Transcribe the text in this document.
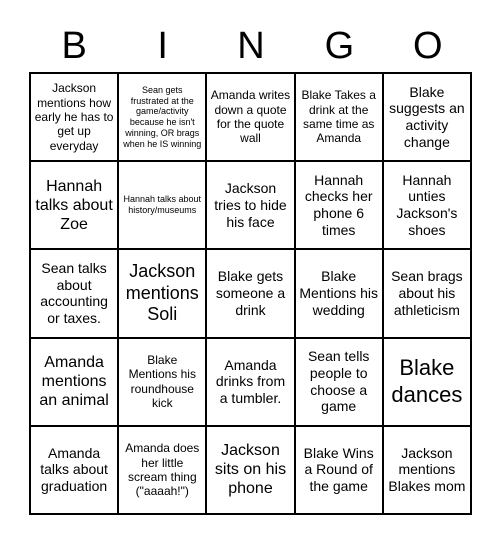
B	I	N	G	O
Jackson mentions how early he has to get up everyday
Sean gets frustrated at the game/activity because he isn't winning, OR brags when he IS winning
Amanda writes down a quote for the quote wall
Blake Takes a drink at the same time as Amanda
Blake suggests an activity change
Hannah talks about Zoe
Hannah talks about history/museums
Jackson tries to hide his face
Hannah checks her phone 6 times
Hannah unties Jackson's shoes
Sean talks about accounting or taxes.
Jackson mentions Soli
Blake gets someone a drink
Blake Mentions his wedding
Sean brags about his athleticism
Amanda mentions an animal
Blake Mentions his roundhouse kick
Amanda drinks from a tumbler.
Sean tells people to choose a game
Blake dances
Amanda talks about graduation
Amanda does her little scream thing ("aaaah!")
Jackson sits on his phone
Blake Wins a Round of the game
Jackson mentions Blakes mom
